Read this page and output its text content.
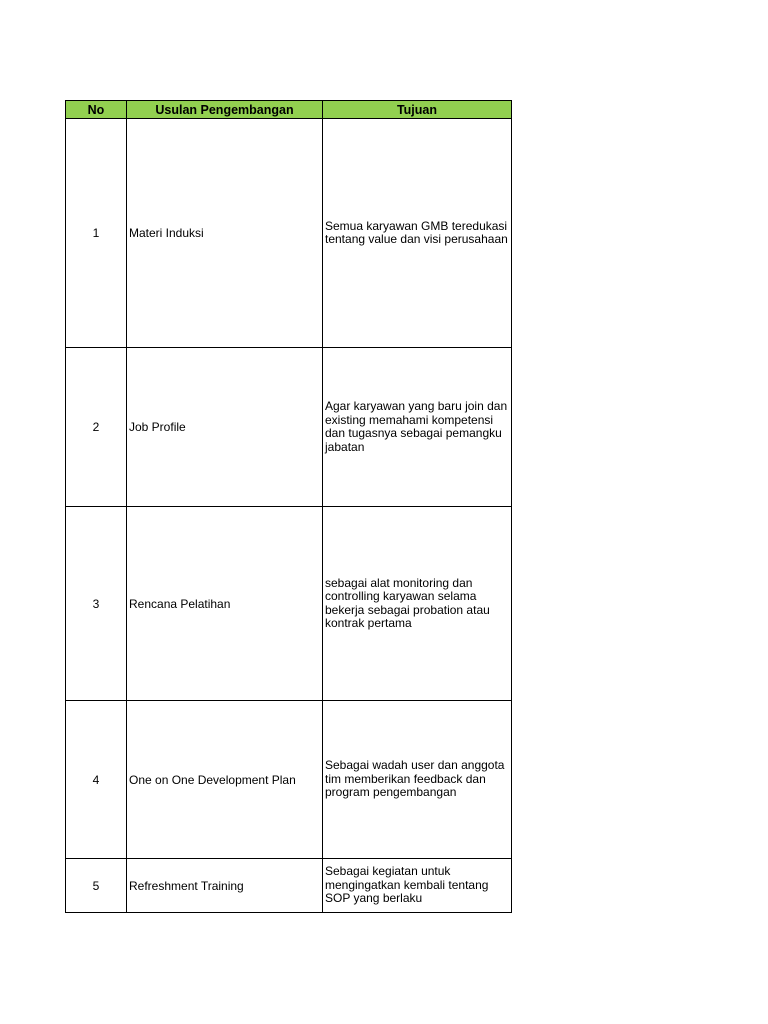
No	Usulan Pengembangan	Tujuan
1	Materi Induksi	Semua karyawan GMB teredukasi tentang value dan visi perusahaan
2	Job Profile	Agar karyawan yang baru join dan existing memahami kompetensi dan tugasnya sebagai pemangku jabatan
3	Rencana Pelatihan	sebagai alat monitoring dan controlling karyawan selama bekerja sebagai probation atau kontrak pertama
4	One on One Development Plan	Sebagai wadah user dan anggota tim memberikan feedback dan program pengembangan
5	Refreshment Training	Sebagai kegiatan untuk mengingatkan kembali tentang SOP yang berlaku
